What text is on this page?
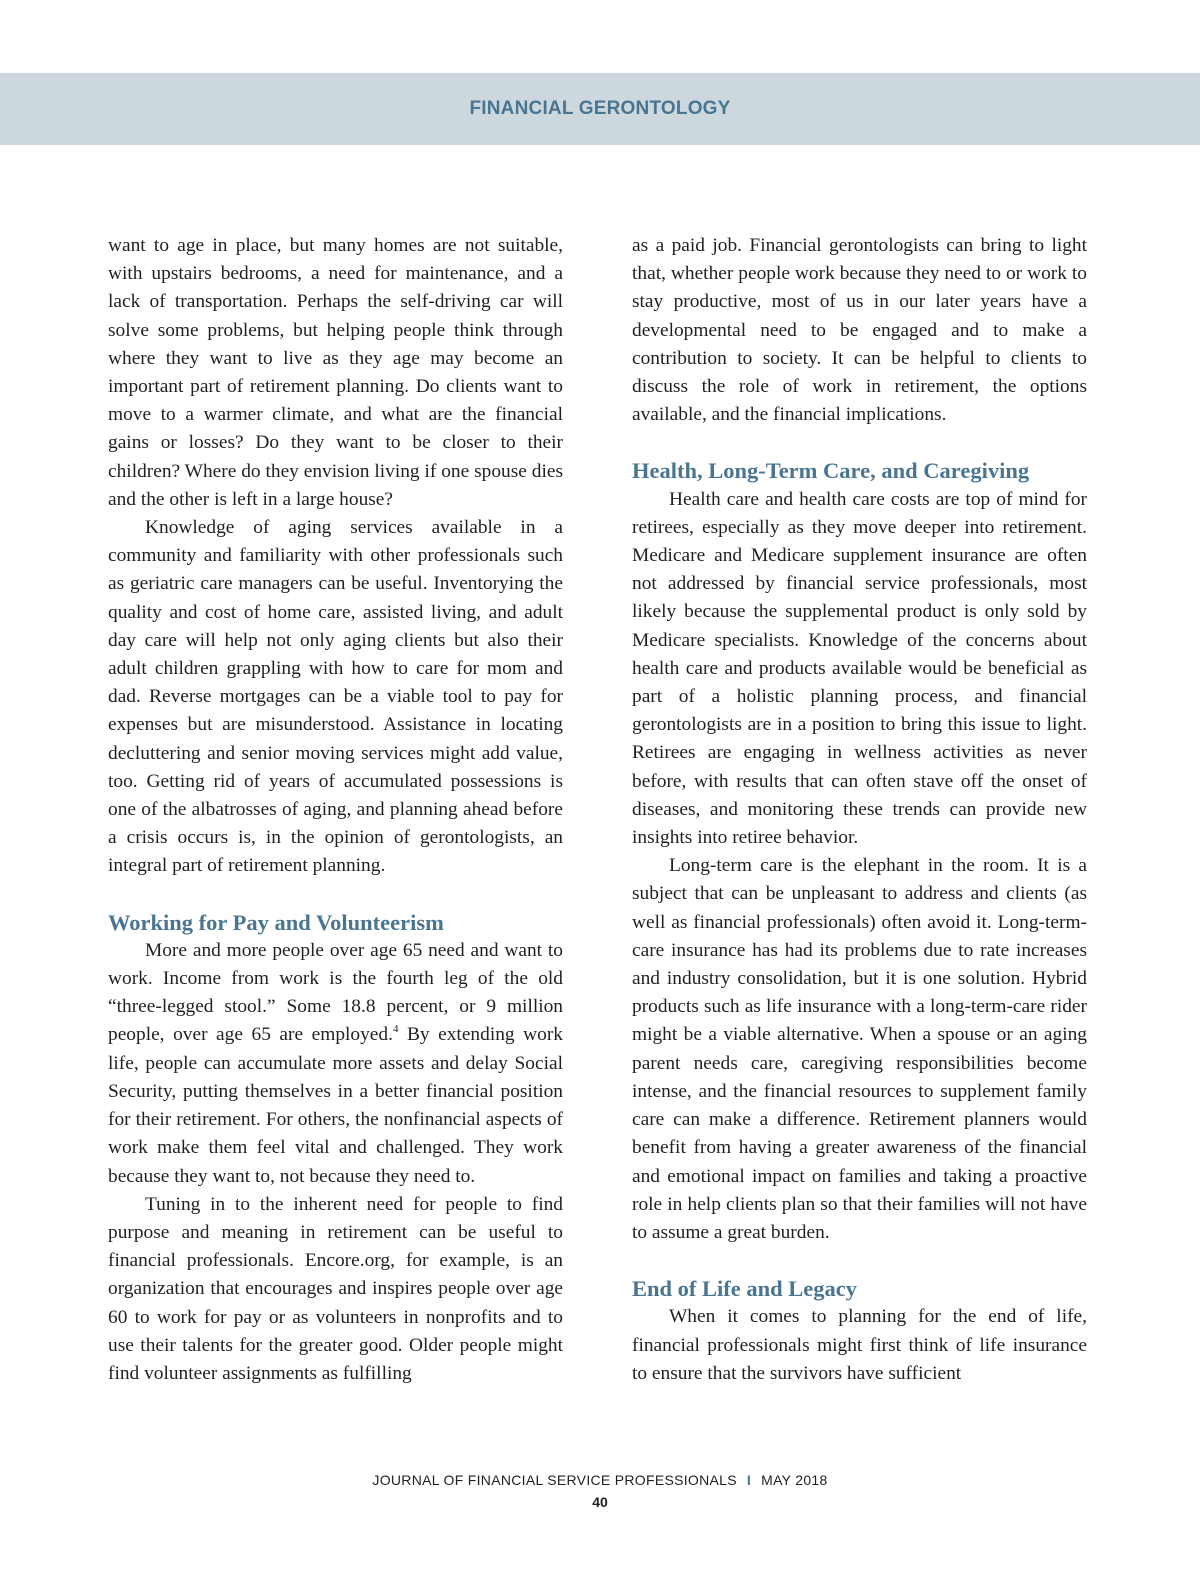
FINANCIAL GERONTOLOGY

want to age in place, but many homes are not suitable, with upstairs bedrooms, a need for maintenance, and a lack of transportation. Perhaps the self-driving car will solve some problems, but helping people think through where they want to live as they age may become an important part of retirement planning. Do clients want to move to a warmer climate, and what are the financial gains or losses? Do they want to be closer to their children? Where do they envision living if one spouse dies and the other is left in a large house?

Knowledge of aging services available in a community and familiarity with other professionals such as geriatric care managers can be useful. Inventorying the quality and cost of home care, assisted living, and adult day care will help not only aging clients but also their adult children grappling with how to care for mom and dad. Reverse mortgages can be a viable tool to pay for expenses but are misunderstood. Assistance in locating decluttering and senior moving services might add value, too. Getting rid of years of accumulated possessions is one of the albatrosses of aging, and planning ahead before a crisis occurs is, in the opinion of gerontologists, an integral part of retirement planning.

Working for Pay and Volunteerism

More and more people over age 65 need and want to work. Income from work is the fourth leg of the old “three-legged stool.” Some 18.8 percent, or 9 million people, over age 65 are employed.$^4$ By extending work life, people can accumulate more assets and delay Social Security, putting themselves in a better financial position for their retirement. For others, the nonfinancial aspects of work make them feel vital and challenged. They work because they want to, not because they need to.

Tuning in to the inherent need for people to find purpose and meaning in retirement can be useful to financial professionals. Encore.org, for example, is an organization that encourages and inspires people over age 60 to work for pay or as volunteers in nonprofits and to use their talents for the greater good. Older people might find volunteer assignments as fulfilling

as a paid job. Financial gerontologists can bring to light that, whether people work because they need to or work to stay productive, most of us in our later years have a developmental need to be engaged and to make a contribution to society. It can be helpful to clients to discuss the role of work in retirement, the options available, and the financial implications.

Health, Long-Term Care, and Caregiving

Health care and health care costs are top of mind for retirees, especially as they move deeper into retirement. Medicare and Medicare supplement insurance are often not addressed by financial service professionals, most likely because the supplemental product is only sold by Medicare specialists. Knowledge of the concerns about health care and products available would be beneficial as part of a holistic planning process, and financial gerontologists are in a position to bring this issue to light. Retirees are engaging in wellness activities as never before, with results that can often stave off the onset of diseases, and monitoring these trends can provide new insights into retiree behavior.

Long-term care is the elephant in the room. It is a subject that can be unpleasant to address and clients (as well as financial professionals) often avoid it. Long-term-care insurance has had its problems due to rate increases and industry consolidation, but it is one solution. Hybrid products such as life insurance with a long-term-care rider might be a viable alternative. When a spouse or an aging parent needs care, caregiving responsibilities become intense, and the financial resources to supplement family care can make a difference. Retirement planners would benefit from having a greater awareness of the financial and emotional impact on families and taking a proactive role in help clients plan so that their families will not have to assume a great burden.

End of Life and Legacy

When it comes to planning for the end of life, financial professionals might first think of life insurance to ensure that the survivors have sufficient

JOURNAL OF FINANCIAL SERVICE PROFESSIONALS I MAY 2018
40
